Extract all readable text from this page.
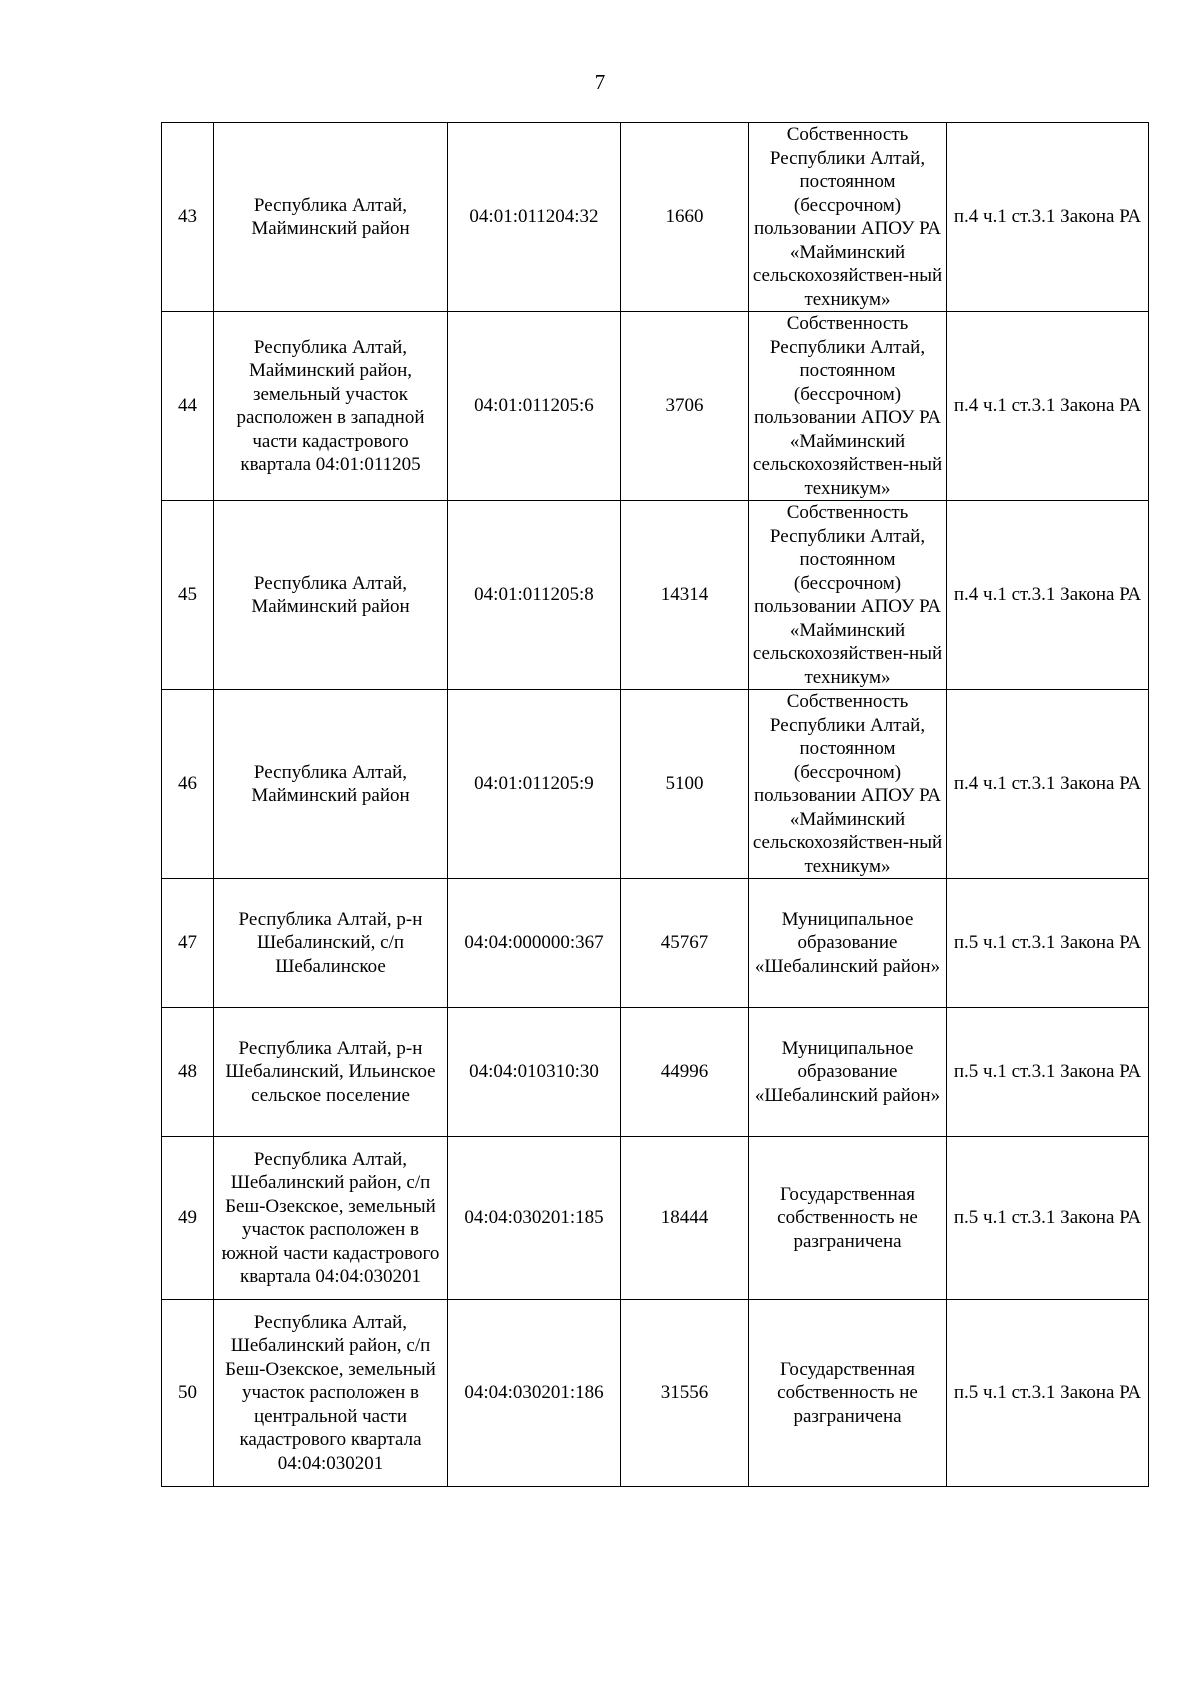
7
43	Республика Алтай, Майминский район	04:01:011204:32	1660	Собственность Республики Алтай, постоянном (бессрочном) пользовании АПОУ РА «Майминский сельскохозяйствен-ный техникум»	п.4 ч.1 ст.3.1 Закона РА
44	Республика Алтай, Майминский район, земельный участок расположен в западной части кадастрового квартала 04:01:011205	04:01:011205:6	3706	Собственность Республики Алтай, постоянном (бессрочном) пользовании АПОУ РА «Майминский сельскохозяйствен-ный техникум»	п.4 ч.1 ст.3.1 Закона РА
45	Республика Алтай, Майминский район	04:01:011205:8	14314	Собственность Республики Алтай, постоянном (бессрочном) пользовании АПОУ РА «Майминский сельскохозяйствен-ный техникум»	п.4 ч.1 ст.3.1 Закона РА
46	Республика Алтай, Майминский район	04:01:011205:9	5100	Собственность Республики Алтай, постоянном (бессрочном) пользовании АПОУ РА «Майминский сельскохозяйствен-ный техникум»	п.4 ч.1 ст.3.1 Закона РА
47	Республика Алтай, р-н Шебалинский, с/п Шебалинское	04:04:000000:367	45767	Муниципальное образование «Шебалинский район»	п.5 ч.1 ст.3.1 Закона РА
48	Республика Алтай, р-н Шебалинский, Ильинское сельское поселение	04:04:010310:30	44996	Муниципальное образование «Шебалинский район»	п.5 ч.1 ст.3.1 Закона РА
49	Республика Алтай, Шебалинский район, с/п Беш-Озекское, земельный участок расположен в южной части кадастрового квартала 04:04:030201	04:04:030201:185	18444	Государственная собственность не разграничена	п.5 ч.1 ст.3.1 Закона РА
50	Республика Алтай, Шебалинский район, с/п Беш-Озекское, земельный участок расположен в центральной части кадастрового квартала 04:04:030201	04:04:030201:186	31556	Государственная собственность не разграничена	п.5 ч.1 ст.3.1 Закона РА
